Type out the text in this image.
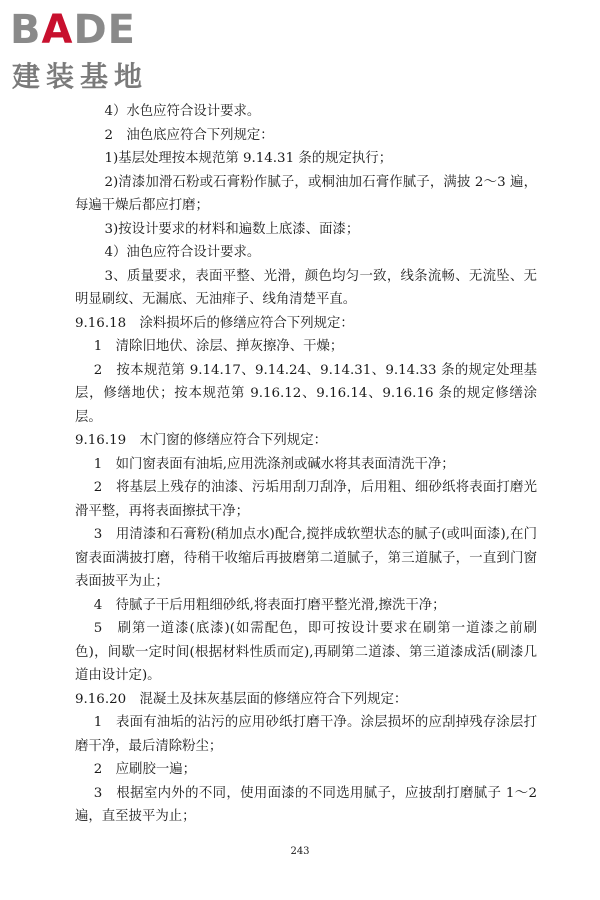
BADE
建装基地

4）水色应符合设计要求。

2　油色底应符合下列规定：

1)基层处理按本规范第 9.14.31 条的规定执行；

2)清漆加滑石粉或石膏粉作腻子，或桐油加石膏作腻子，满披 2～3 遍，每遍干燥后都应打磨；

3)按设计要求的材料和遍数上底漆、面漆；

4）油色应符合设计要求。

3、质量要求，表面平整、光滑，颜色均匀一致，线条流畅、无流坠、无明显刷纹、无漏底、无油痱子、线角清楚平直。

9.16.18　涂料损坏后的修缮应符合下列规定：

1　清除旧地伏、涂层、掸灰擦净、干燥；

2　按本规范第 9.14.17、9.14.24、9.14.31、9.14.33 条的规定处理基层，修缮地伏；按本规范第 9.16.12、9.16.14、9.16.16 条的规定修缮涂层。

9.16.19　木门窗的修缮应符合下列规定：

1　如门窗表面有油垢,应用洗涤剂或碱水将其表面清洗干净；

2　将基层上残存的油漆、污垢用刮刀刮净，后用粗、细砂纸将表面打磨光滑平整，再将表面擦拭干净；

3　用清漆和石膏粉(稍加点水)配合,搅拌成软塑状态的腻子(或叫面漆),在门窗表面满披打磨，待稍干收缩后再披磨第二道腻子，第三道腻子，一直到门窗表面披平为止；

4　待腻子干后用粗细砂纸,将表面打磨平整光滑,擦洗干净；

5　刷第一道漆(底漆)(如需配色，即可按设计要求在刷第一道漆之前刷色)，间歇一定时间(根据材料性质而定),再刷第二道漆、第三道漆成活(刷漆几道由设计定)。

9.16.20　混凝土及抹灰基层面的修缮应符合下列规定：

1　表面有油垢的沾污的应用砂纸打磨干净。涂层损坏的应刮掉残存涂层打磨干净，最后清除粉尘；

2　应刷胶一遍；

3　根据室内外的不同，使用面漆的不同选用腻子，应披刮打磨腻子 1～2 遍，直至披平为止；

243
